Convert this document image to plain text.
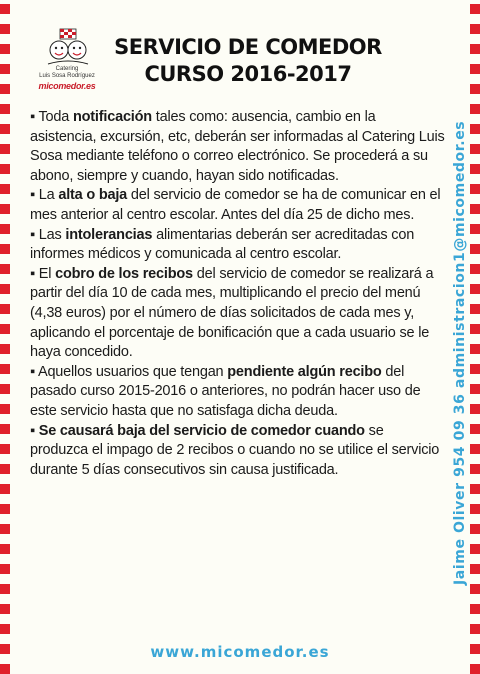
Catering
Luis Sosa Rodríguez
micomedor.es
SERVICIO DE COMEDOR
CURSO 2016-2017

▪ Toda notificación tales como: ausencia, cambio en la asistencia, excursión, etc, deberán ser informadas al Catering Luis Sosa mediante teléfono o correo electrónico. Se procederá a su abono, siempre y cuando, hayan sido notificadas.

▪ La alta o baja del servicio de comedor se ha de comunicar en el mes anterior al centro escolar. Antes del día 25 de dicho mes.

▪ Las intolerancias alimentarias deberán ser acreditadas con informes médicos y comunicada al centro escolar.

▪ El cobro de los recibos del servicio de comedor se realizará a partir del día 10 de cada mes, multiplicando el precio del menú (4,38 euros) por el número de días solicitados de cada mes y, aplicando el porcentaje de bonificación que a cada usuario se le haya concedido.

▪ Aquellos usuarios que tengan pendiente algún recibo del pasado curso 2015-2016 o anteriores, no podrán hacer uso de este servicio hasta que no satisfaga dicha deuda.

▪ Se causará baja del servicio de comedor cuando se produzca el impago de 2 recibos o cuando no se utilice el servicio durante 5 días consecutivos sin causa justificada.	Jaime Oliver 954 09 36 administracion1@micomedor.es
www.micomedor.es
